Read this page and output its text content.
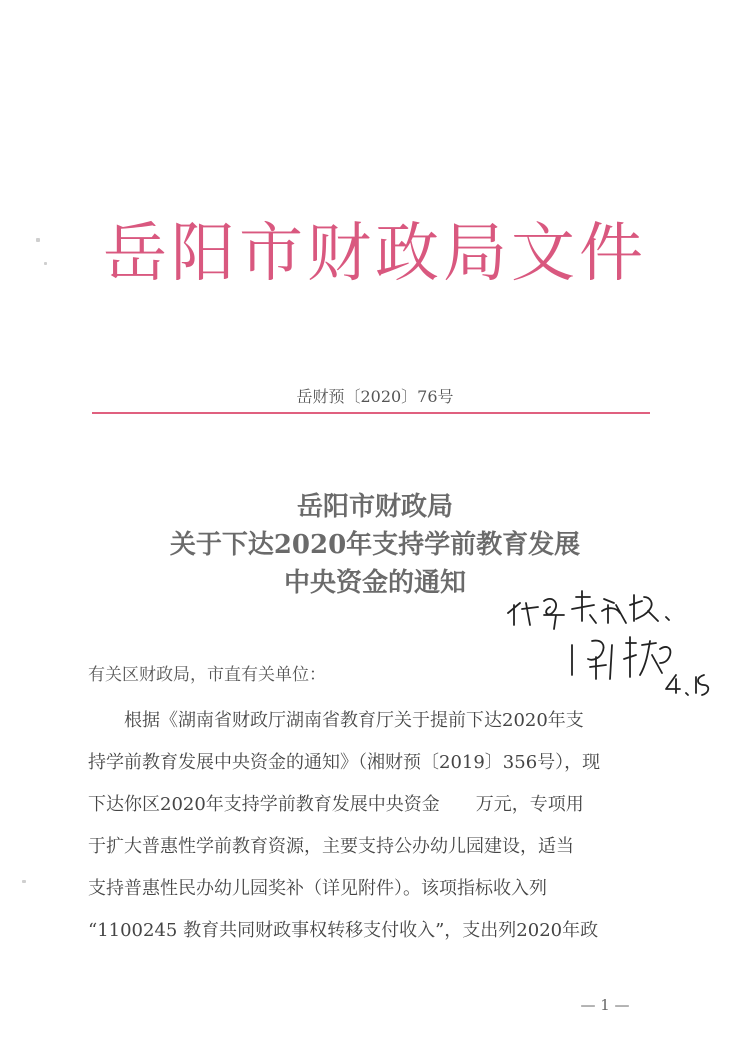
岳阳市财政局文件
岳财预〔2020〕76号
岳阳市财政局
关于下达2020年支持学前教育发展
中央资金的通知
有关区财政局，市直有关单位：
　　根据《湖南省财政厅湖南省教育厅关于提前下达2020年支
持学前教育发展中央资金的通知》（湘财预〔2019〕356号），现
下达你区2020年支持学前教育发展中央资金　　万元，专项用
于扩大普惠性学前教育资源，主要支持公办幼儿园建设，适当
支持普惠性民办幼儿园奖补（详见附件）。该项指标收入列
“1100245 教育共同财政事权转移支付收入”，支出列2020年政
— 1 —
